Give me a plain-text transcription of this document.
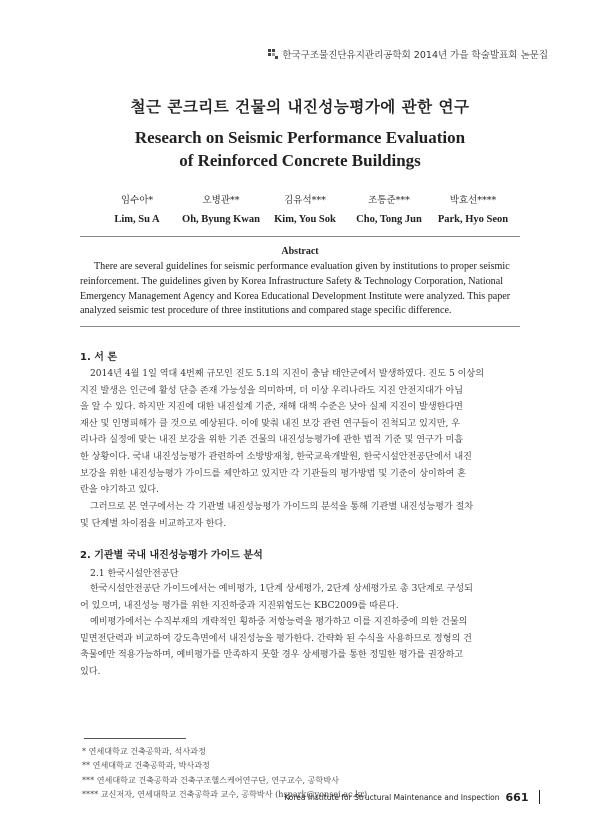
한국구조물진단유지관리공학회 2014년 가을 학술발표회 논문집
철근 콘크리트 건물의 내진성능평가에 관한 연구
Research on Seismic Performance Evaluation
of Reinforced Concrete Buildings
임수아*	오병관**	김유석***	조통준***	박효선****
Lim, Su A	Oh, Byung Kwan	Kim, You Sok	Cho, Tong Jun	Park, Hyo Seon
Abstract
There are several guidelines for seismic performance evaluation given by institutions to proper seismic
reinforcement. The guidelines given by Korea Infrastructure Safety & Technology Corporation, National
Emergency Management Agency and Korea Educational Development Institute were analyzed. This paper
analyzed seismic test procedure of three institutions and compared stage specific difference.
1. 서 론
2014년 4월 1일 역대 4번째 규모인 진도 5.1의 지진이 충남 태안군에서 발생하였다. 진도 5 이상의
지진 발생은 인근에 활성 단층 존재 가능성을 의미하며, 더 이상 우리나라도 지진 안전지대가 아님
을 알 수 있다. 하지만 지진에 대한 내진설계 기준, 재해 대책 수준은 낮아 실제 지진이 발생한다면
재산 및 인명피해가 클 것으로 예상된다. 이에 맞춰 내진 보강 관련 연구들이 진척되고 있지만, 우
리나라 실정에 맞는 내진 보강을 위한 기존 건물의 내진성능평가에 관한 법적 기준 및 연구가 미흡
한 상황이다. 국내 내진성능평가 관련하여 소방방재청, 한국교육개발원, 한국시설안전공단에서 내진
보강을 위한 내진성능평가 가이드를 제안하고 있지만 각 기관들의 평가방법 및 기준이 상이하여 혼
란을 야기하고 있다.
그러므로 본 연구에서는 각 기관별 내진성능평가 가이드의 분석을 통해 기관별 내진성능평가 절차
및 단계별 차이점을 비교하고자 한다.
2. 기관별 국내 내진성능평가 가이드 분석
2.1 한국시설안전공단
한국시설안전공단 가이드에서는 예비평가, 1단계 상세평가, 2단계 상세평가로 총 3단계로 구성되
어 있으며, 내진성능 평가를 위한 지진하중과 지진위험도는 KBC2009를 따른다.
예비평가에서는 수직부재의 개략적인 횡하중 저항능력을 평가하고 이를 지진하중에 의한 건물의
밑면전단력과 비교하여 강도측면에서 내진성능을 평가한다. 간략화 된 수식을 사용하므로 정형의 건
축물에만 적용가능하며, 예비평가를 만족하지 못할 경우 상세평가를 통한 정밀한 평가를 권장하고
있다.
* 연세대학교 건축공학과, 석사과정
** 연세대학교 건축공학과, 박사과정
*** 연세대학교 건축공학과 건축구조헬스케어연구단, 연구교수, 공학박사
**** 교신저자, 연세대학교 건축공학과 교수, 공학박사 (hspark@yonsei.ac.kr)
Korea Institute for Structural Maintenance and Inspection 661
